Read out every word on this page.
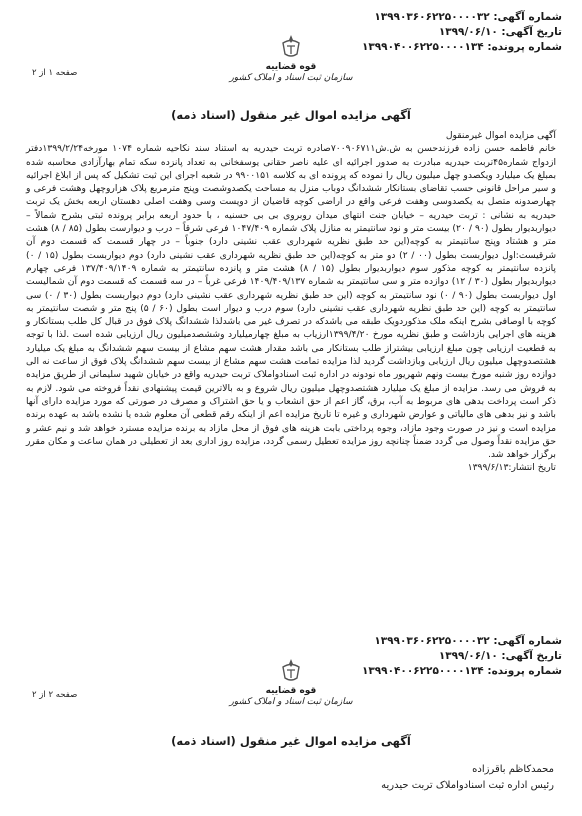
شماره آگهی: ۱۳۹۹۰۳۶۰۶۲۲۵۰۰۰۰۳۲
تاریخ آگهی: ۱۳۹۹/۰۶/۱۰
شماره پرونده: ۱۳۹۹۰۴۰۰۶۲۲۵۰۰۰۰۱۳۴
قوه قضاییه
سازمان ثبت اسناد و املاک کشور
صفحه ۱ از ۲
آگهی مزایده اموال غیر منقول (اسناد ذمه)
آگهی مزایده اموال غیرمنقول
خانم فاطمه حسن زاده فرزندحسن به ش.ش۷۰۰۹۰۶۷۱۱صادره تربت حیدریه به استناد سند نکاحیه شماره ۱۰۷۴ مورخه۱۳۹۹/۲/۲۴دفتر ازدواج شماره۴۵تربت حیدریه مبادرت به صدور اجرائیه ای علیه ناصر حقانی یوسفخانی به تعداد پانزده سکه تمام بهارآزادی محاسبه شده بمبلغ یک میلیارد ویکصدو چهل میلیون ریال را نموده که پرونده ای به کلاسه ۹۹۰۰۱۵۱ در شعبه اجرای این ثبت تشکیل که پس از ابلاغ اجرائیه و سیر مراحل قانونی حسب تقاضای بستانکار ششدانگ دوباب منزل به مساحت یکصدوشصت وپنج مترمربع پلاک هزاروچهل وهشت فرعی و چهارصدونه متصل به یکصدوسی وهفت فرعی واقع در اراضی کوچه قاضیان از دویست وسی وهفت اصلی دهستان اربعه بخش یک تربت حیدریه به نشانی : تربت حیدریه – خیابان جنت انتهای میدان روبروی بی بی حسنیه ، با حدود اربعه برابر پرونده ثبتی بشرح شمالاً – دیواربدیوار بطول (۹۰ / ۲۰) بیست متر و نود سانتیمتر به منازل پلاک شماره ۱۰۴۷/۴۰۹ فرعی شرقاً – درب و دیوارست بطول (۸۵ / ۸) هشت متر و هشتاد وپنج سانتیمتر به کوچه(این حد طبق نظریه شهرداری عقب نشینی دارد) جنوباً – در چهار قسمت که قسمت دوم آن شرقیست:اول دیواربست بطول (۰۰ / ۲) دو متر به کوچه(این حد طبق نظریه شهرداری عقب نشینی دارد) دوم دیواربست بطول (۱۵ / ۰) پانزده سانتیمتر به کوچه مذکور سوم دیواربدیوار بطول (۱۵ / ۸) هشت متر و پانزده سانتیمتر به شماره ۱۳۷/۴۰۹/۱۴۰۹ فرعی چهارم دیواربدیوار بطول (۳۰ / ۱۲) دوازده متر و سی سانتیمتر به شماره ۱۴۰۹/۴۰۹/۱۳۷ فرعی غرباً – در سه قسمت که قسمت دوم آن شمالیست اول دیواربست بطول (۹۰ / ۰) نود سانتیمتر به کوچه (این حد طبق نظریه شهرداری عقب نشینی دارد) دوم دیواربست بطول (۳۰ / ۰) سی سانتیمتر به کوچه (این حد طبق نظریه شهرداری عقب نشینی دارد) سوم درب و دیوار است بطول (۶۰ / ۵) پنج متر و شصت سانتیمتر به کوچه با اوصافی بشرح اینکه ملک مذکوردویک طبقه می باشدکه در تصرف غیر می باشدلذا ششدانگ پلاک فوق در قبال کل طلب بستانکار و هزینه های اجرایی بازداشت و طبق نظریه مورخ ۱۳۹۹/۴/۲۰ارزیاب به مبلغ چهارمیلیارد وششصدمیلیون ریال ارزیابی شده است .لذا با توجه به قطعیت ارزیابی چون مبلغ ارزیابی بیشتراز طلب بستانکار می باشد مقدار هشت سهم مشاع از بیست سهم ششدانگ به مبلغ یک میلیارد هشتصدوچهل میلیون ریال ارزیابی وبازداشت گردید لذا مزایده تمامت هشت سهم مشاع از بیست سهم ششدانگ پلاک فوق از ساعت نه الی دوازده روز شنبه مورخ بیست ونهم شهریور ماه نودونه در اداره ثبت اسنادواملاک تربت حیدریه واقع در خیابان شهید سلیمانی از طریق مزایده به فروش می رسد. مزایده از مبلغ یک میلیارد هشتصدوچهل میلیون ریال شروع و به بالاترین قیمت پیشنهادی نقداً فروخته می شود. لازم به ذکر است پرداخت بدهی های مربوط به آب، برق، گاز اعم از حق انشعاب و یا حق اشتراک و مصرف در صورتی که مورد مزایده دارای آنها باشد و نیز بدهی های مالیاتی و عوارض شهرداری و غیره تا تاریخ مزایده اعم از اینکه رقم قطعی آن معلوم شده یا نشده باشد به عهده برنده مزایده است و نیز در صورت وجود مازاد، وجوه پرداختی بابت هزینه های فوق از محل مازاد به برنده مزایده مسترد خواهد شد و نیم عشر و حق مزایده نقداً وصول می گردد ضمناً چنانچه روز مزایده تعطیل رسمی گردد، مزایده روز اداری بعد از تعطیلی در همان ساعت و مکان مقرر برگزار خواهد شد.
تاریخ انتشار:۱۳۹۹/۶/۱۳
شماره آگهی: ۱۳۹۹۰۳۶۰۶۲۲۵۰۰۰۰۳۲
تاریخ آگهی: ۱۳۹۹/۰۶/۱۰
شماره پرونده: ۱۳۹۹۰۴۰۰۶۲۲۵۰۰۰۰۱۳۴
قوه قضاییه
سازمان ثبت اسناد و املاک کشور
صفحه ۲ از ۲
آگهی مزایده اموال غیر منقول (اسناد ذمه)
محمدکاظم باقرزاده
رئیس اداره ثبت اسنادواملاک تربت حیدریه
